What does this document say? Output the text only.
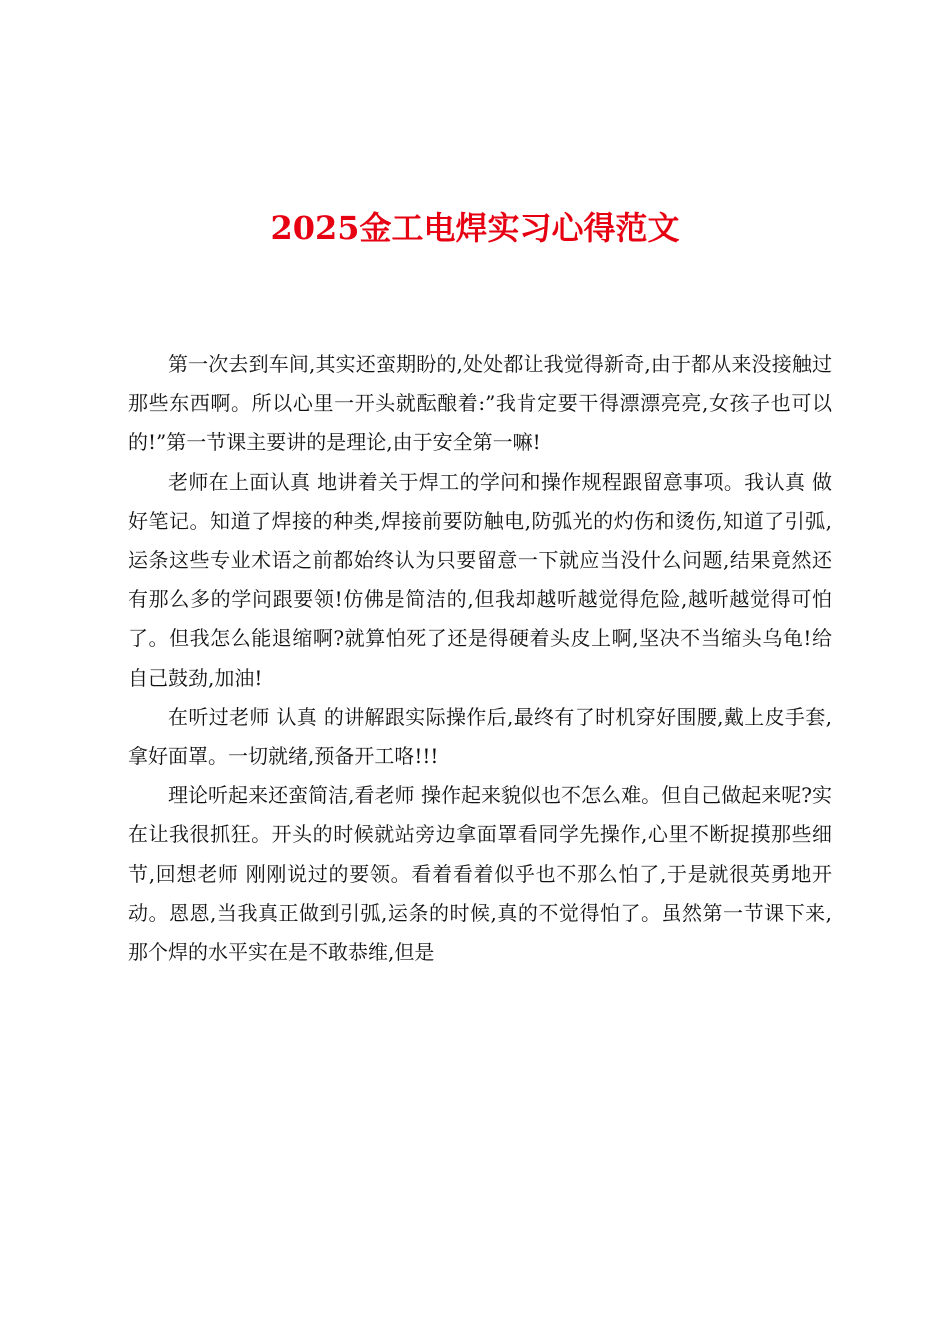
2025金工电焊实习心得范文

第一次去到车间,其实还蛮期盼的,处处都让我觉得新奇,由于都从来没接触过那些东西啊。所以心里一开头就酝酿着:”我肯定要干得漂漂亮亮,女孩子也可以的!”第一节课主要讲的是理论,由于安全第一嘛!

老师在上面认真 地讲着关于焊工的学问和操作规程跟留意事项。我认真 做好笔记。知道了焊接的种类,焊接前要防触电,防弧光的灼伤和烫伤,知道了引弧,运条这些专业术语之前都始终认为只要留意一下就应当没什么问题,结果竟然还有那么多的学问跟要领!仿佛是简洁的,但我却越听越觉得危险,越听越觉得可怕了。但我怎么能退缩啊?就算怕死了还是得硬着头皮上啊,坚决不当缩头乌龟!给自己鼓劲,加油!

在听过老师 认真 的讲解跟实际操作后,最终有了时机穿好围腰,戴上皮手套,拿好面罩。一切就绪,预备开工咯!!!

理论听起来还蛮简洁,看老师 操作起来貌似也不怎么难。但自己做起来呢?实在让我很抓狂。开头的时候就站旁边拿面罩看同学先操作,心里不断捉摸那些细节,回想老师 刚刚说过的要领。看着看着似乎也不那么怕了,于是就很英勇地开动。恩恩,当我真正做到引弧,运条的时候,真的不觉得怕了。虽然第一节课下来,那个焊的水平实在是不敢恭维,但是
